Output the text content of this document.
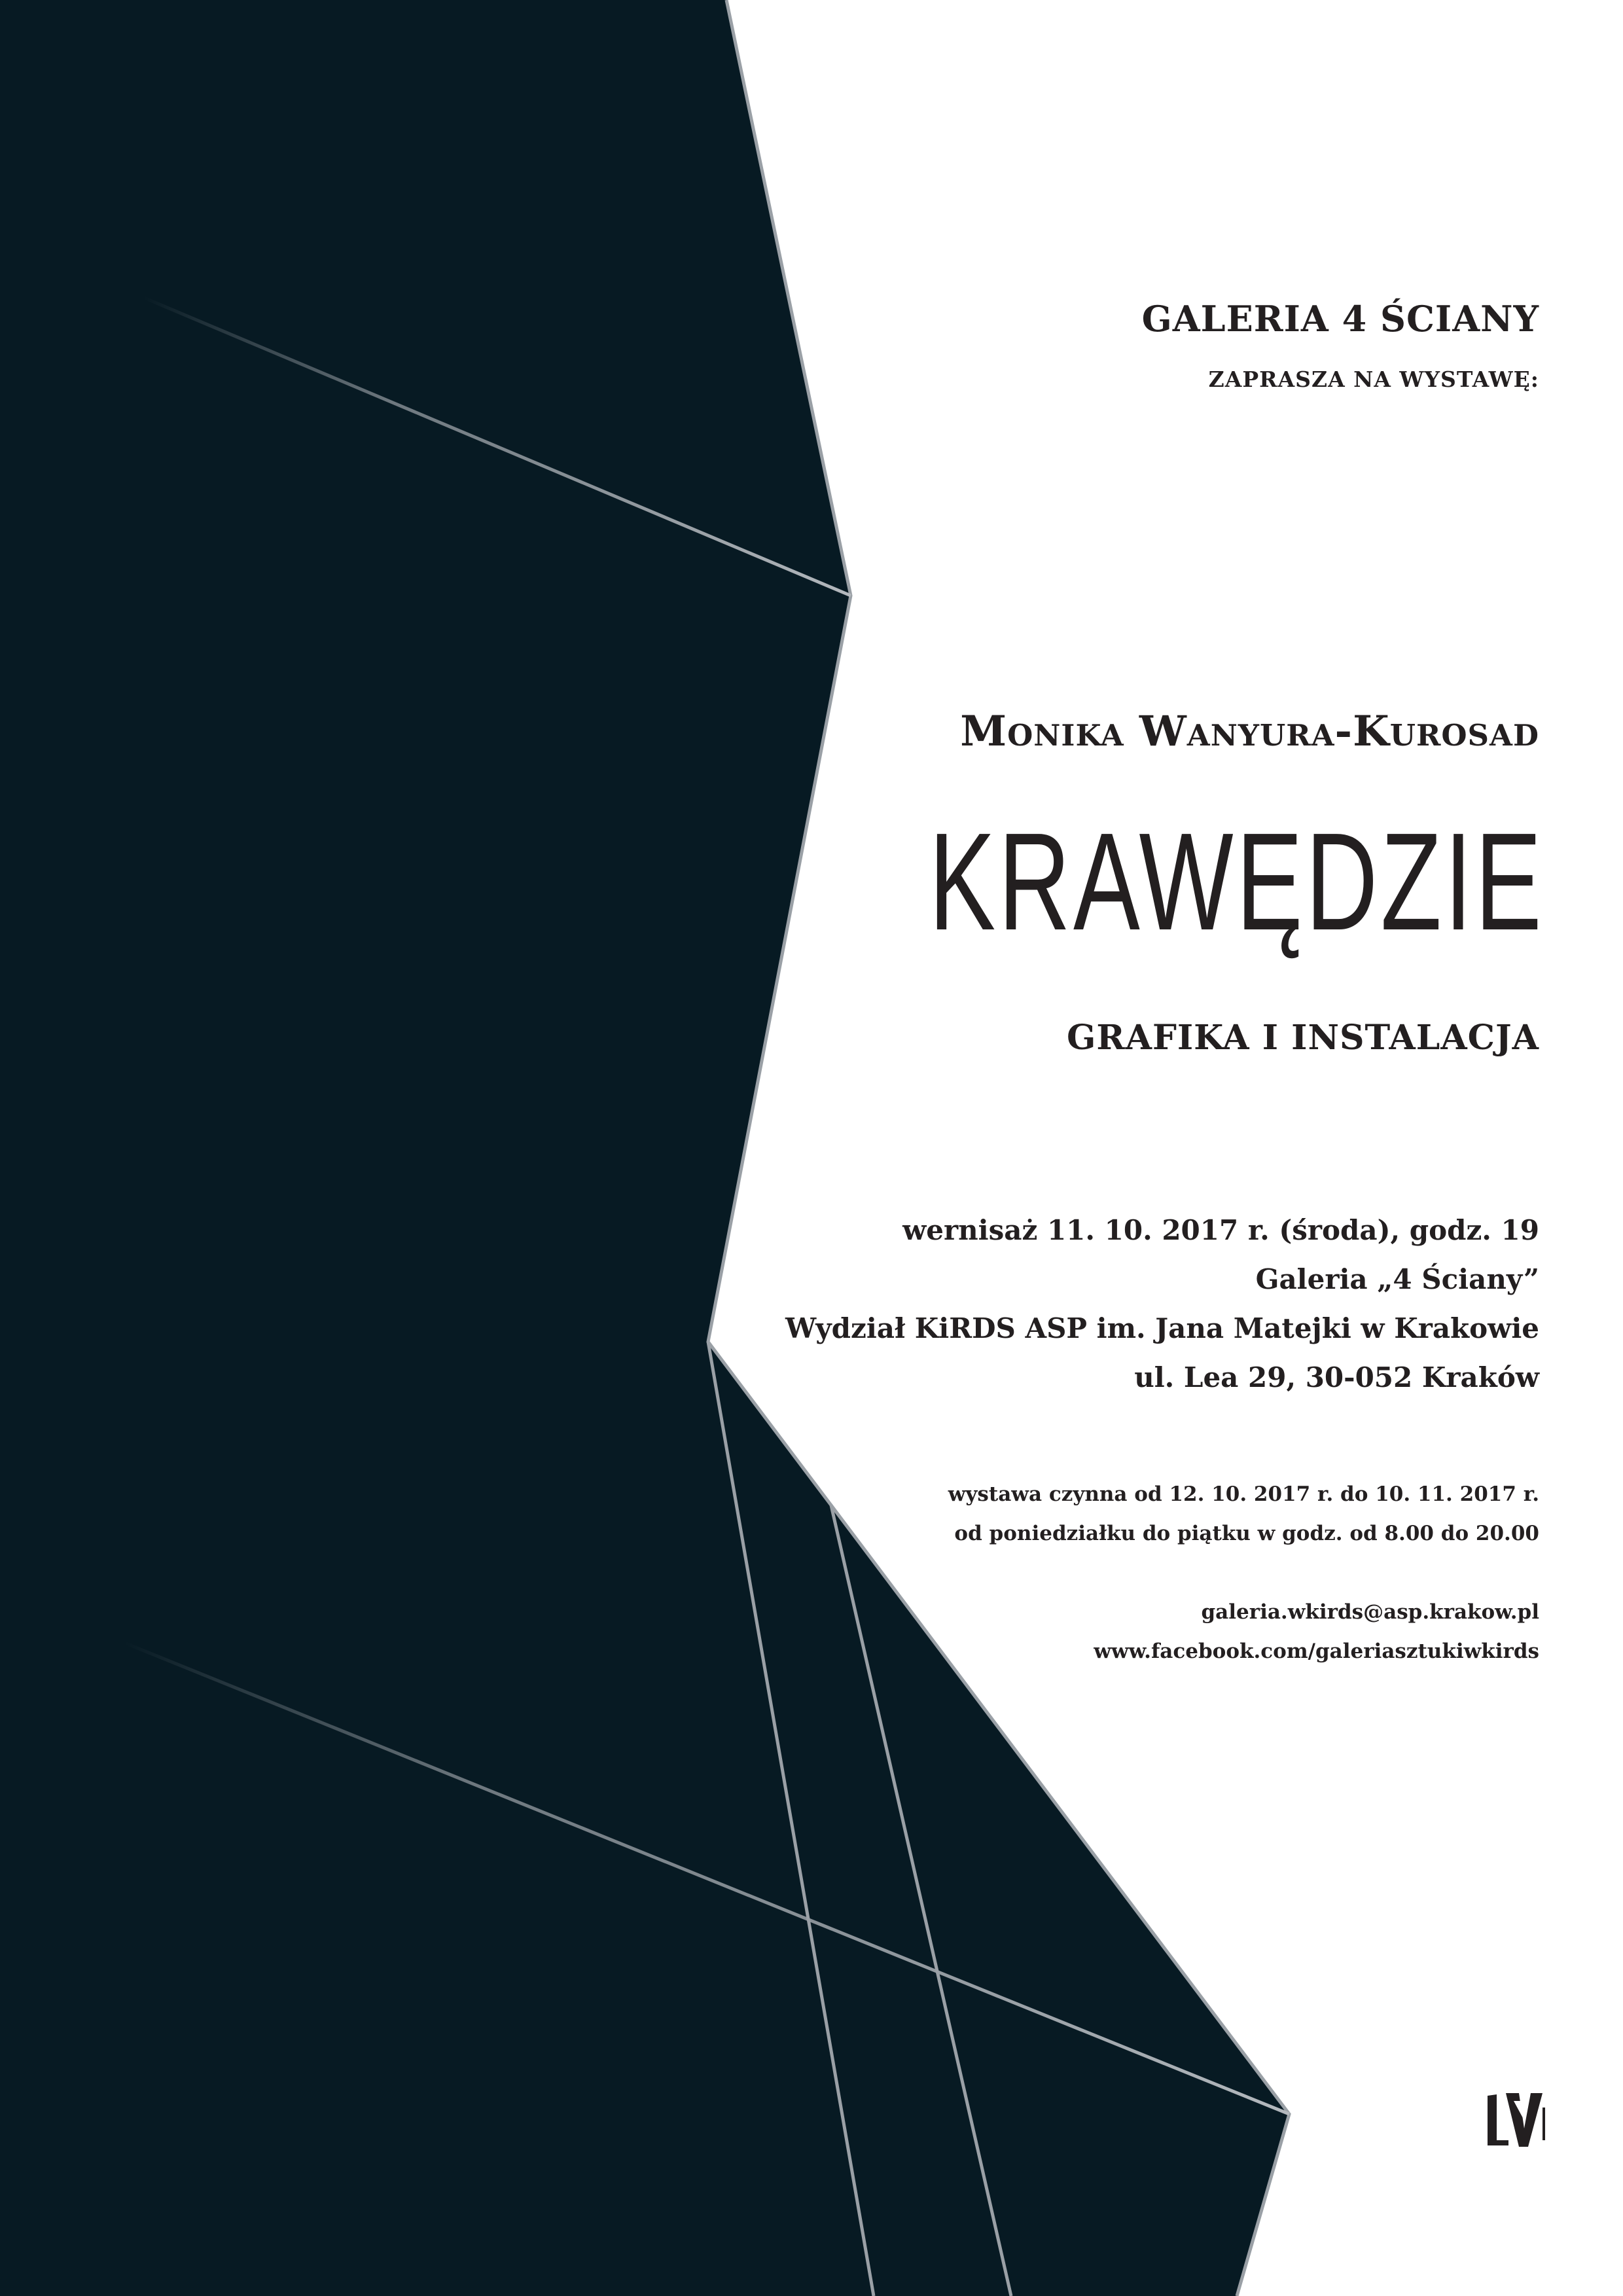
GALERIA 4 ŚCIANY
ZAPRASZA NA WYSTAWĘ:
Monika Wanyura-Kurosad
KRAWĘDZIE
GRAFIKA I INSTALACJA
wernisaż 11. 10. 2017 r. (środa), godz. 19
Galeria „4 Ściany”
Wydział KiRDS ASP im. Jana Matejki w Krakowie
ul. Lea 29, 30-052 Kraków
wystawa czynna od 12. 10. 2017 r. do 10. 11. 2017 r.
od poniedziałku do piątku w godz. od 8.00 do 20.00
galeria.wkirds@asp.krakow.pl
www.facebook.com/galeriasztukiwkirds
